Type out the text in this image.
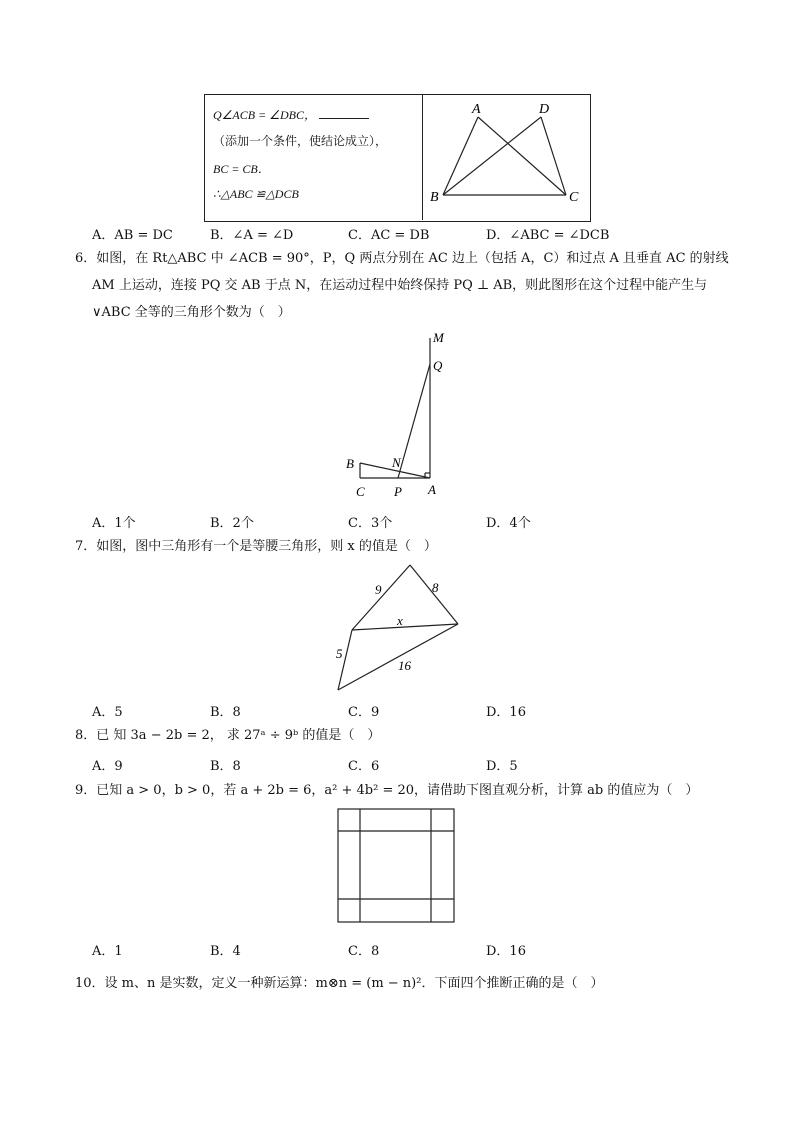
Q∠ACB = ∠DBC，
（添加一个条件，使结论成立），
BC = CB．
∴△ABC ≌△DCB
A	D
B	C
A．AB = DC	B．∠A = ∠D	C．AC = DB	D．∠ABC = ∠DCB
6．如图，在 Rt△ABC 中 ∠ACB = 90°，P，Q 两点分别在 AC 边上（包括 A，C）和过点 A 且垂直 AC 的射线
AM 上运动，连接 PQ 交 AB 于点 N，在运动过程中始终保持 PQ ⊥ AB，则此图形在这个过程中能产生与
∨ABC 全等的三角形个数为（　）
M
Q
B	N
C P A
A．1个	B．2个	C．3个	D．4个
7．如图，图中三角形有一个是等腰三角形，则 x 的值是（　）
9	8
x
5
16
A．5	B．8	C．9	D．16
8．已 知 3a − 2b = 2， 求 27ᵃ ÷ 9ᵇ 的值是（　）
A．9	B．8	C．6	D．5
9．已知 a > 0，b > 0，若 a + 2b = 6，a² + 4b² = 20，请借助下图直观分析，计算 ab 的值应为（　）
A．1	B．4	C．8	D．16
10．设 m、n 是实数，定义一种新运算：m⊗n = (m − n)²．下面四个推断正确的是（　）
